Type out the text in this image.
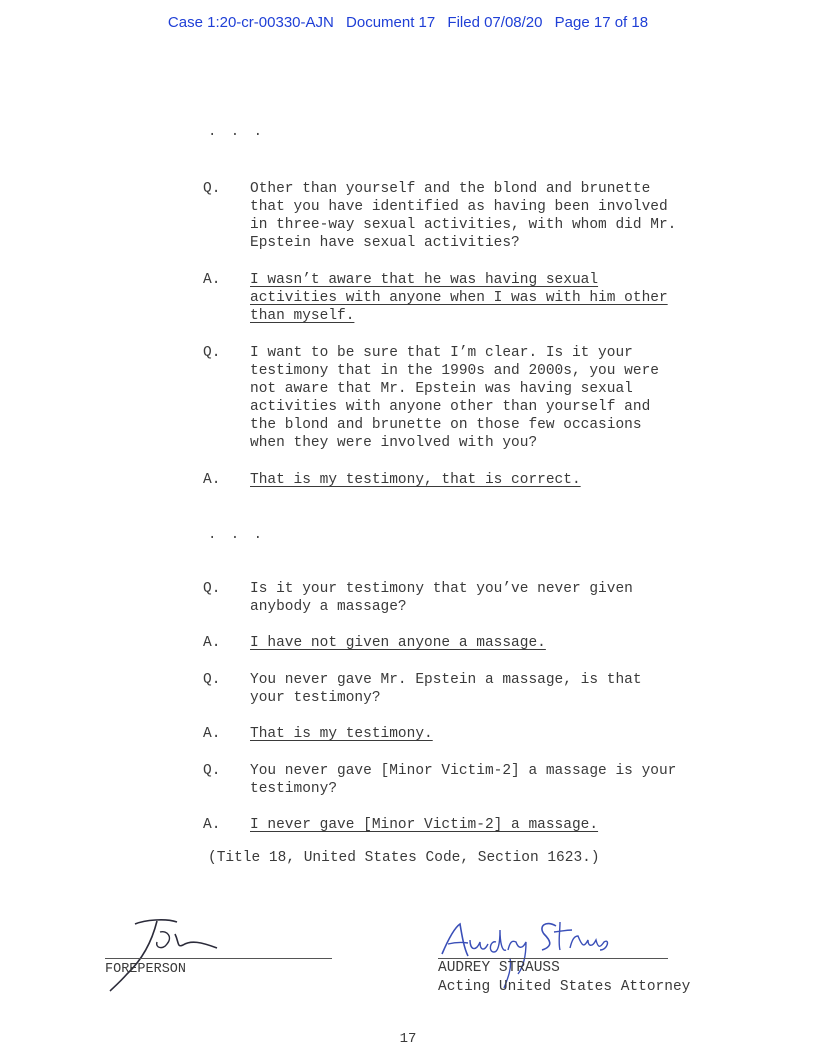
Case 1:20-cr-00330-AJN Document 17 Filed 07/08/20 Page 17 of 18
. . .
Q. Other than yourself and the blond and brunette
that you have identified as having been involved
in three-way sexual activities, with whom did Mr.
Epstein have sexual activities?
A. I wasn’t aware that he was having sexual
activities with anyone when I was with him other
than myself.
Q. I want to be sure that I’m clear. Is it your
testimony that in the 1990s and 2000s, you were
not aware that Mr. Epstein was having sexual
activities with anyone other than yourself and
the blond and brunette on those few occasions
when they were involved with you?
A. That is my testimony, that is correct.
. . .
Q. Is it your testimony that you’ve never given
anybody a massage?
A. I have not given anyone a massage.
Q. You never gave Mr. Epstein a massage, is that
your testimony?
A. That is my testimony.
Q. You never gave [Minor Victim-2] a massage is your
testimony?
A. I never gave [Minor Victim-2] a massage.
(Title 18, United States Code, Section 1623.)
FOREPERSON	AUDREY STRAUSS
Acting United States Attorney
17
